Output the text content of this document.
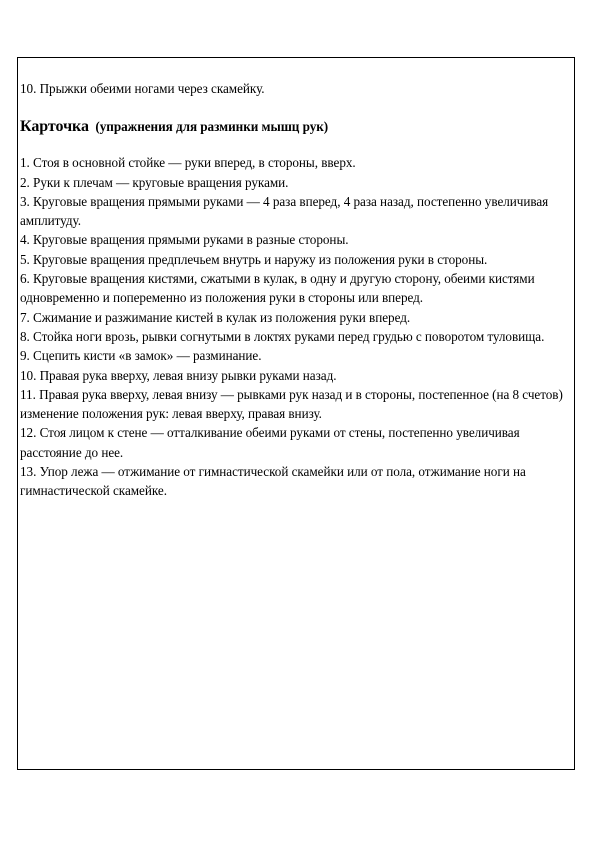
10. Прыжки обеими ногами через скамейку.

Карточка (упражнения для разминки мышц рук)

1. Стоя в основной стойке — руки вперед, в стороны, вверх.
2. Руки к плечам — круговые вращения руками.
3. Круговые вращения прямыми руками — 4 раза вперед, 4 раза назад, постепенно увеличивая амплитуду.
4. Круговые вращения прямыми руками в разные стороны.
5. Круговые вращения предплечьем внутрь и наружу из положения руки в стороны.
6. Круговые вращения кистями, сжатыми в кулак, в одну и другую сторону, обеими кистями одновременно и попеременно из положения руки в стороны или вперед.
7. Сжимание и разжимание кистей в кулак из положения руки вперед.
8. Стойка ноги врозь, рывки согнутыми в локтях руками перед грудью с поворотом туловища.
9. Сцепить кисти «в замок» — разминание.
10. Правая рука вверху, левая внизу рывки руками назад.
11. Правая рука вверху, левая внизу — рывками рук назад и в стороны, постепенное (на 8 счетов) изменение положения рук: левая вверху, правая внизу.
12. Стоя лицом к стене — отталкивание обеими руками от стены, постепенно увеличивая расстояние до нее.
13. Упор лежа — отжимание от гимнастической скамейки или от пола, отжимание ноги на гимнастической скамейке.
